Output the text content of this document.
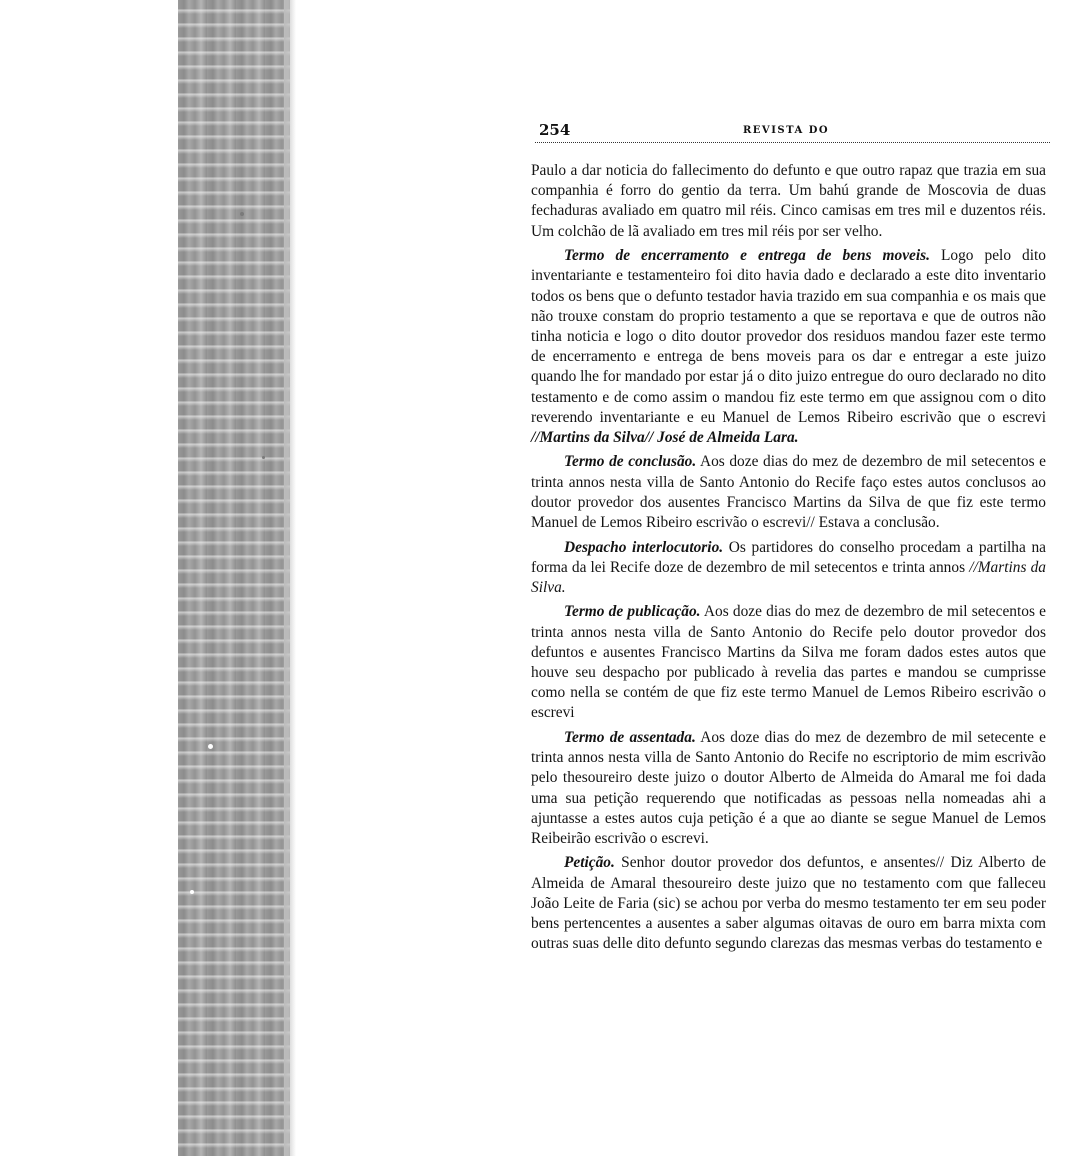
254	REVISTA DO

Paulo a dar noticia do fallecimento do defunto e que outro rapaz que trazia em sua companhia é forro do gentio da terra. Um bahú grande de Moscovia de duas fechaduras avaliado em quatro mil réis. Cinco camisas em tres mil e duzentos réis. Um colchão de lã avaliado em tres mil réis por ser velho.

Termo de encerramento e entrega de bens moveis. Logo pelo dito inventariante e testamenteiro foi dito havia dado e declarado a este dito inventario todos os bens que o defunto testador havia trazido em sua companhia e os mais que não trouxe constam do proprio testamento a que se reportava e que de outros não tinha noticia e logo o dito doutor provedor dos residuos mandou fazer este termo de encerramento e entrega de bens moveis para os dar e entregar a este juizo quando lhe for mandado por estar já o dito juizo entregue do ouro declarado no dito testamento e de como assim o mandou fiz este termo em que assignou com o dito reverendo inventariante e eu Manuel de Lemos Ribeiro escrivão que o escrevi //Martins da Silva// José de Almeida Lara.

Termo de conclusão. Aos doze dias do mez de dezembro de mil setecentos e trinta annos nesta villa de Santo Antonio do Recife faço estes autos conclusos ao doutor provedor dos ausentes Francisco Martins da Silva de que fiz este termo Manuel de Lemos Ribeiro escrivão o escrevi// Estava a conclusão.

Despacho interlocutorio. Os partidores do conselho procedam a partilha na forma da lei Recife doze de dezembro de mil setecentos e trinta annos //Martins da Silva.

Termo de publicação. Aos doze dias do mez de dezembro de mil setecentos e trinta annos nesta villa de Santo Antonio do Recife pelo doutor provedor dos defuntos e ausentes Francisco Martins da Silva me foram dados estes autos que houve seu despacho por publicado à revelia das partes e mandou se cumprisse como nella se contém de que fiz este termo Manuel de Lemos Ribeiro escrivão o escrevi

Termo de assentada. Aos doze dias do mez de dezembro de mil setecente e trinta annos nesta villa de Santo Antonio do Recife no escriptorio de mim escrivão pelo thesoureiro deste juizo o doutor Alberto de Almeida do Amaral me foi dada uma sua petição requerendo que notificadas as pessoas nella nomeadas ahi a ajuntasse a estes autos cuja petição é a que ao diante se segue Manuel de Lemos Reibeirão escrivão o escrevi.

Petição. Senhor doutor provedor dos defuntos, e ansentes// Diz Alberto de Almeida de Amaral thesoureiro deste juizo que no testamento com que falleceu João Leite de Faria (sic) se achou por verba do mesmo testamento ter em seu poder bens pertencentes a ausentes a saber algumas oitavas de ouro em barra mixta com outras suas delle dito defunto segundo clarezas das mesmas verbas do testamento e
